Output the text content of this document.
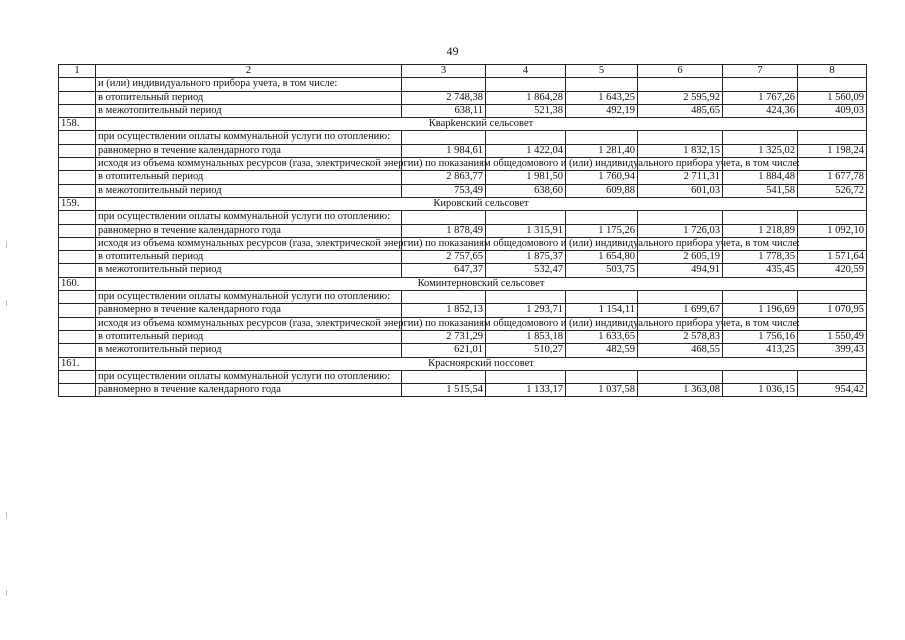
49
1	2	3	4	5	6	7	8
	и (или) индивидуального прибора учета, в том числе:						
	в отопительный период	2 748,38	1 864,28	1 643,25	2 595,92	1 767,26	1 560,09
	в межотопительный период	638,11	521,38	492,19	485,65	424,36	409,03
158.	Кварkенский сельсовет						
	при осуществлении оплаты коммунальной услуги по отоплению:						
	равномерно в течение календарного года	1 984,61	1 422,04	1 281,40	1 832,15	1 325,02	1 198,24
	исходя из объема коммунальных ресурсов (газа, электрической энергии) по показаниям общедомового и (или) индивидуального прибора учета, в том числе:						
	в отопительный период	2 863,77	1 981,50	1 760,94	2 711,31	1 884,48	1 677,78
	в межотопительный период	753,49	638,60	609,88	601,03	541,58	526,72
159.	Кировский сельсовет						
	при осуществлении оплаты коммунальной услуги по отоплению:						
	равномерно в течение календарного года	1 878,49	1 315,91	1 175,26	1 726,03	1 218,89	1 092,10
	исходя из объема коммунальных ресурсов (газа, электрической энергии) по показаниям общедомового и (или) индивидуального прибора учета, в том числе:						
	в отопительный период	2 757,65	1 875,37	1 654,80	2 605,19	1 778,35	1 571,64
	в межотопительный период	647,37	532,47	503,75	494,91	435,45	420,59
160.	Коминтерновский сельсовет						
	при осуществлении оплаты коммунальной услуги по отоплению:						
	равномерно в течение календарного года	1 852,13	1 293,71	1 154,11	1 699,67	1 196,69	1 070,95
	исходя из объема коммунальных ресурсов (газа, электрической энергии) по показаниям общедомового и (или) индивидуального прибора учета, в том числе:						
	в отопительный период	2 731,29	1 853,18	1 633,65	2 578,83	1 756,16	1 550,49
	в межотопительный период	621,01	510,27	482,59	468,55	413,25	399,43
161.	Красноярский поссовет						
	при осуществлении оплаты коммунальной услуги по отоплению:						
	равномерно в течение календарного года	1 515,54	1 133,17	1 037,58	1 363,08	1 036,15	954,42
